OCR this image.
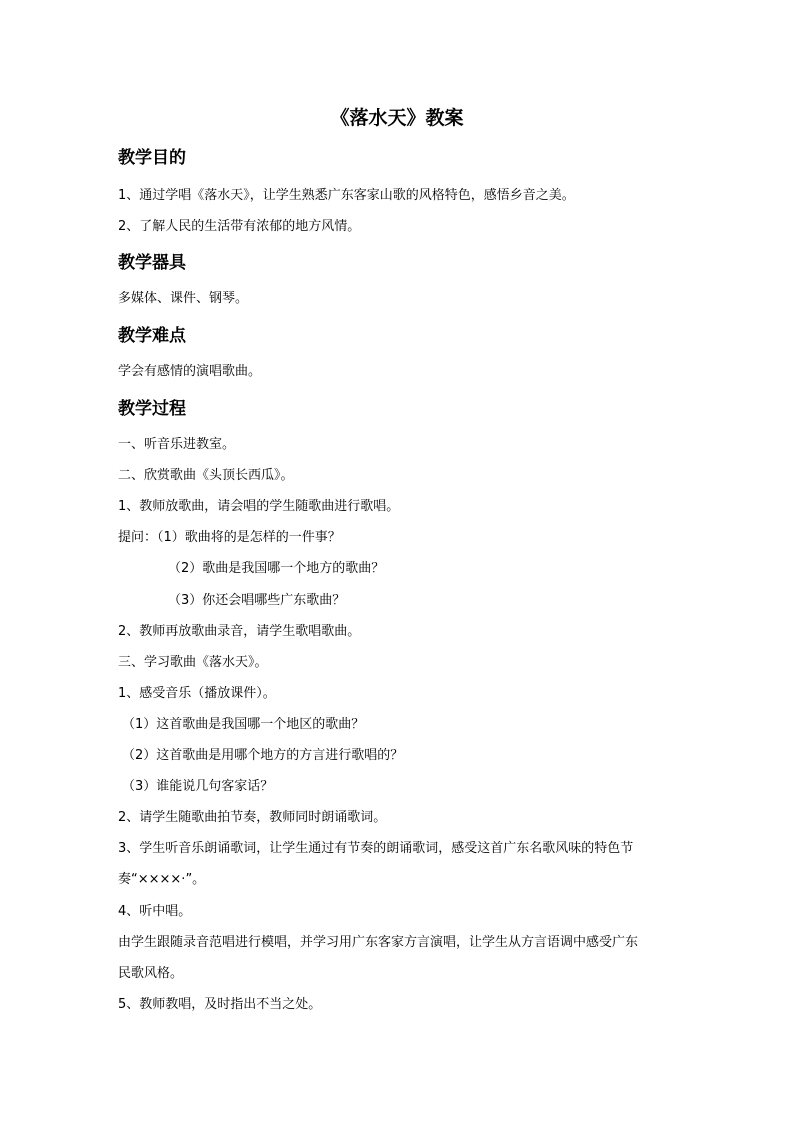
《落水天》教案
教学目的

1、通过学唱《落水天》，让学生熟悉广东客家山歌的风格特色，感悟乡音之美。

2、了解人民的生活带有浓郁的地方风情。

教学器具

多媒体、课件、钢琴。

教学难点

学会有感情的演唱歌曲。

教学过程

一、听音乐进教室。

二、欣赏歌曲《头顶长西瓜》。

1、教师放歌曲，请会唱的学生随歌曲进行歌唱。

提问：（1）歌曲将的是怎样的一件事？

（2）歌曲是我国哪一个地方的歌曲？

（3）你还会唱哪些广东歌曲？

2、教师再放歌曲录音，请学生歌唱歌曲。

三、学习歌曲《落水天》。

1、感受音乐（播放课件）。

（1）这首歌曲是我国哪一个地区的歌曲？

（2）这首歌曲是用哪个地方的方言进行歌唱的？

（3）谁能说几句客家话？

2、请学生随歌曲拍节奏，教师同时朗诵歌词。

3、学生听音乐朗诵歌词，让学生通过有节奏的朗诵歌词，感受这首广东名歌风味的特色节

奏“××××·”。

4、听中唱。

由学生跟随录音范唱进行模唱，并学习用广东客家方言演唱，让学生从方言语调中感受广东

民歌风格。

5、教师教唱，及时指出不当之处。
